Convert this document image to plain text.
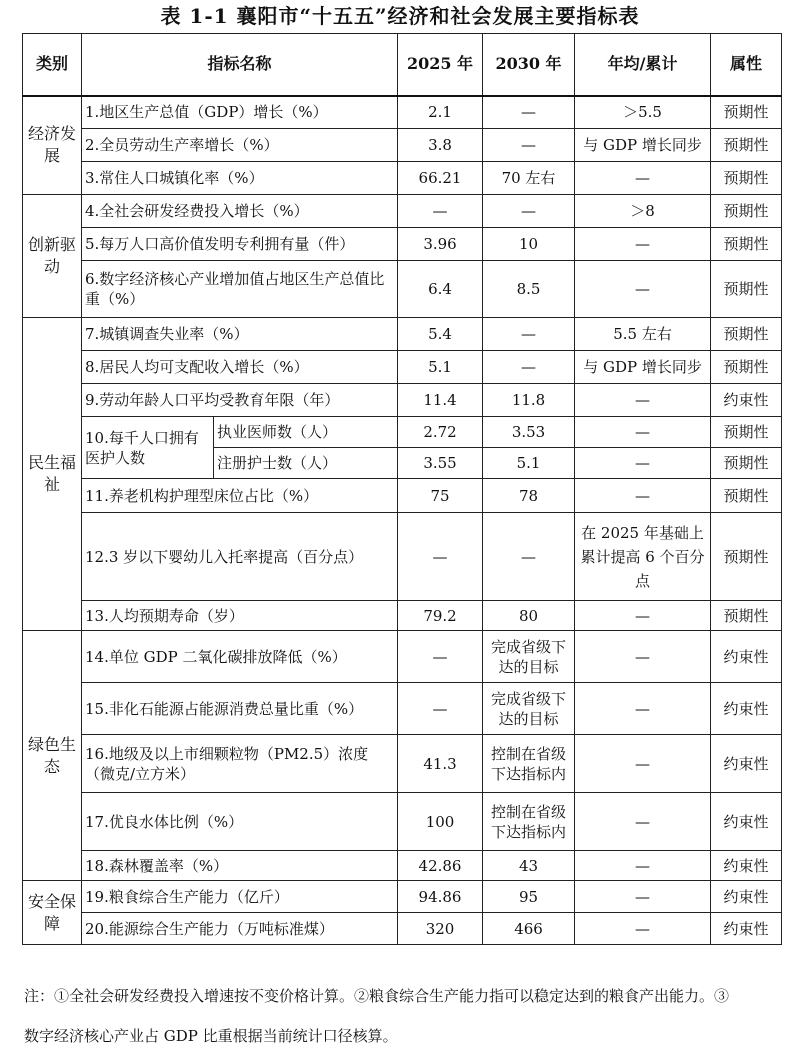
表 1-1 襄阳市“十五五”经济和社会发展主要指标表
类别	指标名称		2025 年	2030 年	年均/累计	属性
经济发展	1.地区生产总值（GDP）增长（%）		2.1	—	＞5.5	预期性
	2.全员劳动生产率增长（%）		3.8	—	与 GDP 增长同步	预期性
	3.常住人口城镇化率（%）		66.21	70 左右	—	预期性
创新驱动	4.全社会研发经费投入增长（%）		—	—	＞8	预期性
	5.每万人口高价值发明专利拥有量（件）		3.96	10	—	预期性
	6.数字经济核心产业增加值占地区生产总值比重（%）		6.4	8.5	—	预期性
民生福祉	7.城镇调查失业率（%）		5.4	—	5.5 左右	预期性
	8.居民人均可支配收入增长（%）		5.1	—	与 GDP 增长同步	预期性
	9.劳动年龄人口平均受教育年限（年）		11.4	11.8	—	约束性
	10.每千人口拥有医护人数	执业医师数（人）	2.72	3.53	—	预期性
		注册护士数（人）	3.55	5.1	—	预期性
	11.养老机构护理型床位占比（%）		75	78	—	预期性
	12.3 岁以下婴幼儿入托率提高（百分点）		—	—	在 2025 年基础上累计提高 6 个百分点	预期性
	13.人均预期寿命（岁）		79.2	80	—	预期性
绿色生态	14.单位 GDP 二氧化碳排放降低（%）		—	完成省级下达的目标	—	约束性
	15.非化石能源占能源消费总量比重（%）		—	完成省级下达的目标	—	约束性
	16.地级及以上市细颗粒物（PM2.5）浓度（微克/立方米）		41.3	控制在省级下达指标内	—	约束性
	17.优良水体比例（%）		100	控制在省级下达指标内	—	约束性
	18.森林覆盖率（%）		42.86	43	—	约束性
安全保障	19.粮食综合生产能力（亿斤）		94.86	95	—	约束性
	20.能源综合生产能力（万吨标准煤）		320	466	—	约束性

注：①全社会研发经费投入增速按不变价格计算。②粮食综合生产能力指可以稳定达到的粮食产出能力。③

数字经济核心产业占 GDP 比重根据当前统计口径核算。
